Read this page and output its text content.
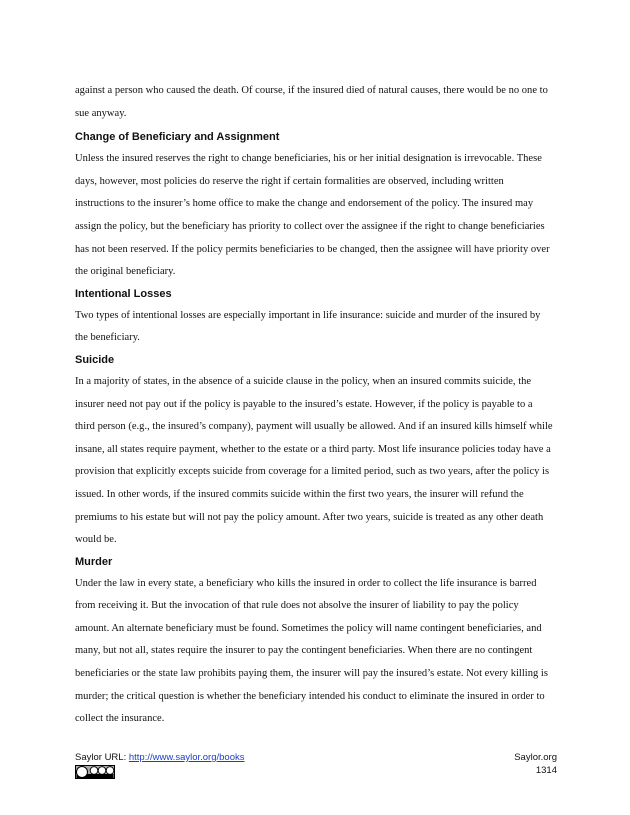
against a person who caused the death. Of course, if the insured died of natural causes, there would be no one to sue anyway.

Change of Beneficiary and Assignment

Unless the insured reserves the right to change beneficiaries, his or her initial designation is irrevocable. These days, however, most policies do reserve the right if certain formalities are observed, including written instructions to the insurer’s home office to make the change and endorsement of the policy. The insured may assign the policy, but the beneficiary has priority to collect over the assignee if the right to change beneficiaries has not been reserved. If the policy permits beneficiaries to be changed, then the assignee will have priority over the original beneficiary.

Intentional Losses

Two types of intentional losses are especially important in life insurance: suicide and murder of the insured by the beneficiary.

Suicide

In a majority of states, in the absence of a suicide clause in the policy, when an insured commits suicide, the insurer need not pay out if the policy is payable to the insured’s estate. However, if the policy is payable to a third person (e.g., the insured’s company), payment will usually be allowed. And if an insured kills himself while insane, all states require payment, whether to the estate or a third party. Most life insurance policies today have a provision that explicitly excepts suicide from coverage for a limited period, such as two years, after the policy is issued. In other words, if the insured commits suicide within the first two years, the insurer will refund the premiums to his estate but will not pay the policy amount. After two years, suicide is treated as any other death would be.

Murder

Under the law in every state, a beneficiary who kills the insured in order to collect the life insurance is barred from receiving it. But the invocation of that rule does not absolve the insurer of liability to pay the policy amount. An alternate beneficiary must be found. Sometimes the policy will name contingent beneficiaries, and many, but not all, states require the insurer to pay the contingent beneficiaries. When there are no contingent beneficiaries or the state law prohibits paying them, the insurer will pay the insured’s estate. Not every killing is murder; the critical question is whether the beneficiary intended his conduct to eliminate the insured in order to collect the insurance.

Saylor URL: http://www.saylor.org/books	Saylor.org
1314
